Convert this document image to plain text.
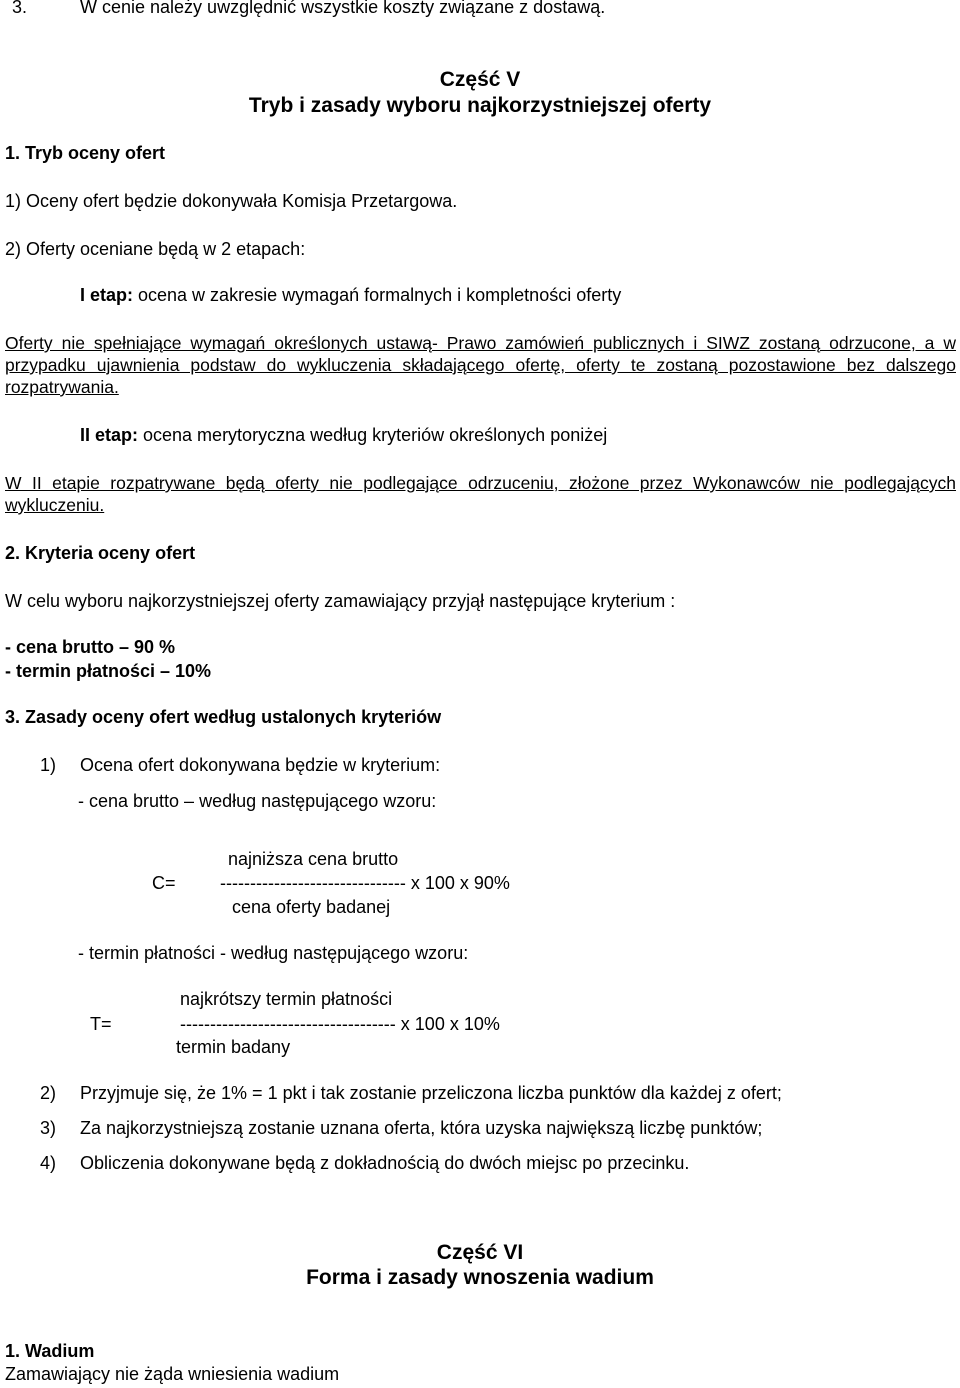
3.	W cenie należy uwzględnić wszystkie koszty związane z dostawą.
Część V
Tryb i zasady wyboru najkorzystniejszej oferty
1. Tryb oceny ofert
1) Oceny ofert będzie dokonywała Komisja Przetargowa.
2) Oferty oceniane będą w 2 etapach:
I etap: ocena w zakresie wymagań formalnych i kompletności oferty
Oferty nie spełniające wymagań określonych ustawą- Prawo zamówień publicznych i SIWZ zostaną odrzucone, a w przypadku ujawnienia podstaw do wykluczenia składającego ofertę, oferty te zostaną pozostawione bez dalszego rozpatrywania.
II etap: ocena merytoryczna według kryteriów określonych poniżej
W II etapie rozpatrywane będą oferty nie podlegające odrzuceniu, złożone przez Wykonawców nie podlegających wykluczeniu.
2. Kryteria oceny ofert
W celu wyboru najkorzystniejszej oferty zamawiający przyjął następujące kryterium :
- cena brutto – 90 %
- termin płatności – 10%
3. Zasady oceny ofert według ustalonych kryteriów
1) Ocena ofert dokonywana będzie w kryterium:
- cena brutto – według następującego wzoru:
najniższa cena brutto
C= ------------------------------- x 100 x 90%
cena oferty badanej
- termin płatności - według następującego wzoru:
najkrótszy termin płatności
T=	------------------------------------ x 100 x 10%
termin badany
2) Przyjmuje się, że 1% = 1 pkt i tak zostanie przeliczona liczba punktów dla każdej z ofert;
3) Za najkorzystniejszą zostanie uznana oferta, która uzyska największą liczbę punktów;
4) Obliczenia dokonywane będą z dokładnością do dwóch miejsc po przecinku.
Część VI
Forma i zasady wnoszenia wadium
1. Wadium
Zamawiający nie żąda wniesienia wadium
